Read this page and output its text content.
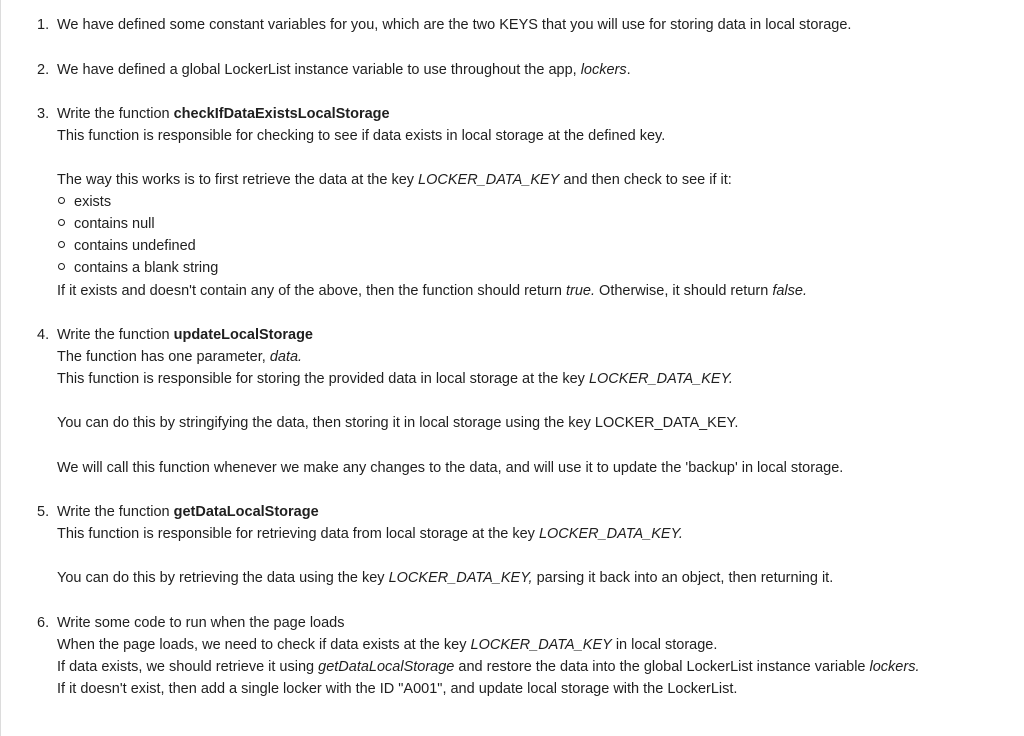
1. We have defined some constant variables for you, which are the two KEYS that you will use for storing data in local storage.
2. We have defined a global LockerList instance variable to use throughout the app, lockers.
3. Write the function checkIfDataExistsLocalStorage
This function is responsible for checking to see if data exists in local storage at the defined key.
The way this works is to first retrieve the data at the key LOCKER_DATA_KEY and then check to see if it:
exists
contains null
contains undefined
contains a blank string
If it exists and doesn't contain any of the above, then the function should return true. Otherwise, it should return false.
4. Write the function updateLocalStorage
The function has one parameter, data.
This function is responsible for storing the provided data in local storage at the key LOCKER_DATA_KEY.
You can do this by stringifying the data, then storing it in local storage using the key LOCKER_DATA_KEY.
We will call this function whenever we make any changes to the data, and will use it to update the 'backup' in local storage.
5. Write the function getDataLocalStorage
This function is responsible for retrieving data from local storage at the key LOCKER_DATA_KEY.
You can do this by retrieving the data using the key LOCKER_DATA_KEY, parsing it back into an object, then returning it.
6. Write some code to run when the page loads
When the page loads, we need to check if data exists at the key LOCKER_DATA_KEY in local storage.
If data exists, we should retrieve it using getDataLocalStorage and restore the data into the global LockerList instance variable lockers.
If it doesn't exist, then add a single locker with the ID "A001", and update local storage with the LockerList.
